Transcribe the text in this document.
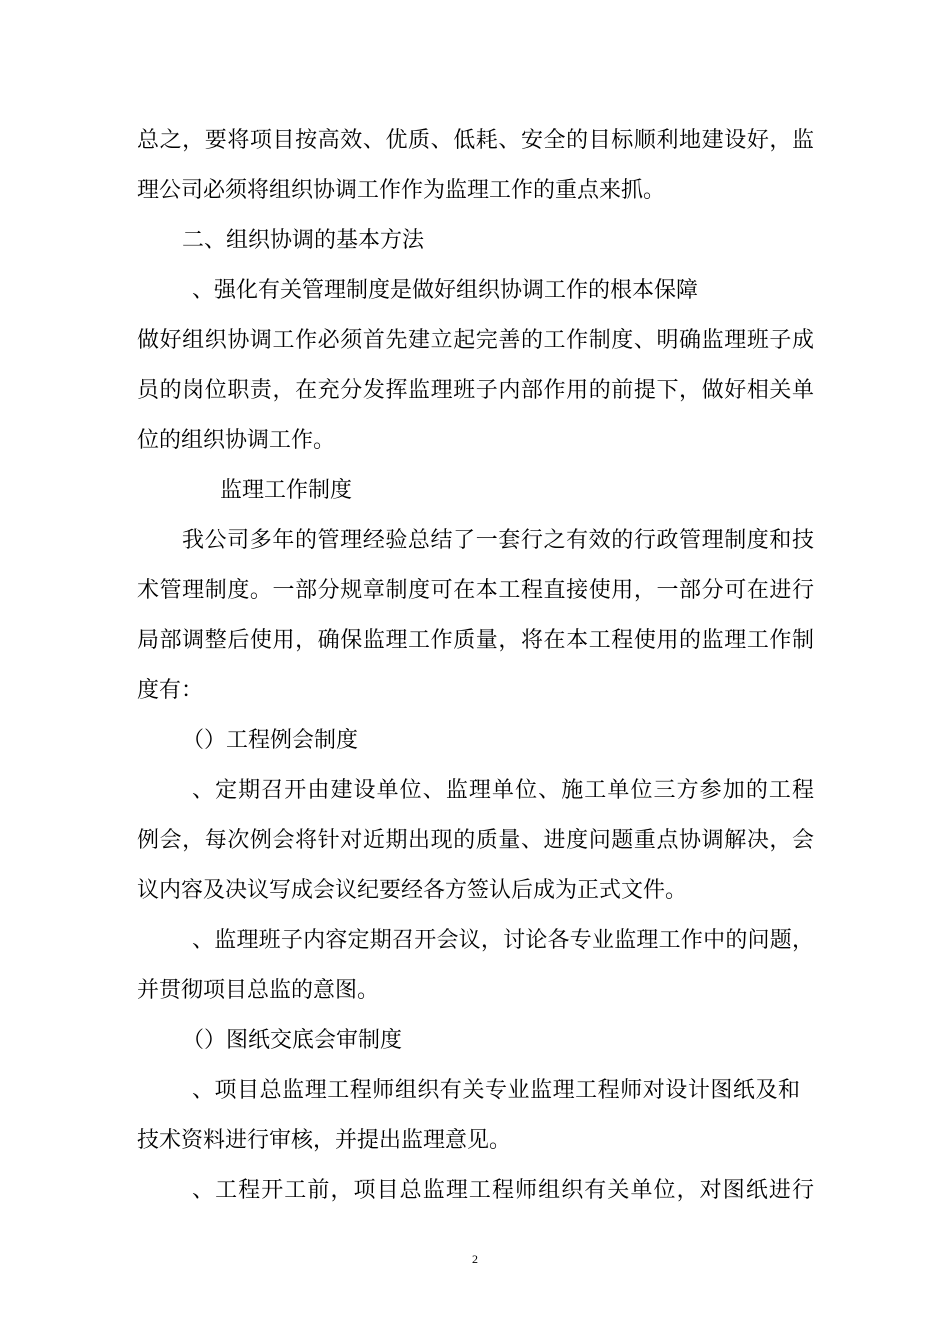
总之，要将项目按高效、优质、低耗、安全的目标顺利地建设好，监
理公司必须将组织协调工作作为监理工作的重点来抓。
二、组织协调的基本方法
、强化有关管理制度是做好组织协调工作的根本保障
做好组织协调工作必须首先建立起完善的工作制度、明确监理班子成
员的岗位职责，在充分发挥监理班子内部作用的前提下，做好相关单
位的组织协调工作。
监理工作制度
我公司多年的管理经验总结了一套行之有效的行政管理制度和技
术管理制度。一部分规章制度可在本工程直接使用，一部分可在进行
局部调整后使用，确保监理工作质量，将在本工程使用的监理工作制
度有：
（）工程例会制度
、定期召开由建设单位、监理单位、施工单位三方参加的工程
例会，每次例会将针对近期出现的质量、进度问题重点协调解决，会
议内容及决议写成会议纪要经各方签认后成为正式文件。
、监理班子内容定期召开会议，讨论各专业监理工作中的问题，
并贯彻项目总监的意图。
（）图纸交底会审制度
、项目总监理工程师组织有关专业监理工程师对设计图纸及和
技术资料进行审核，并提出监理意见。
、工程开工前，项目总监理工程师组织有关单位，对图纸进行
2
